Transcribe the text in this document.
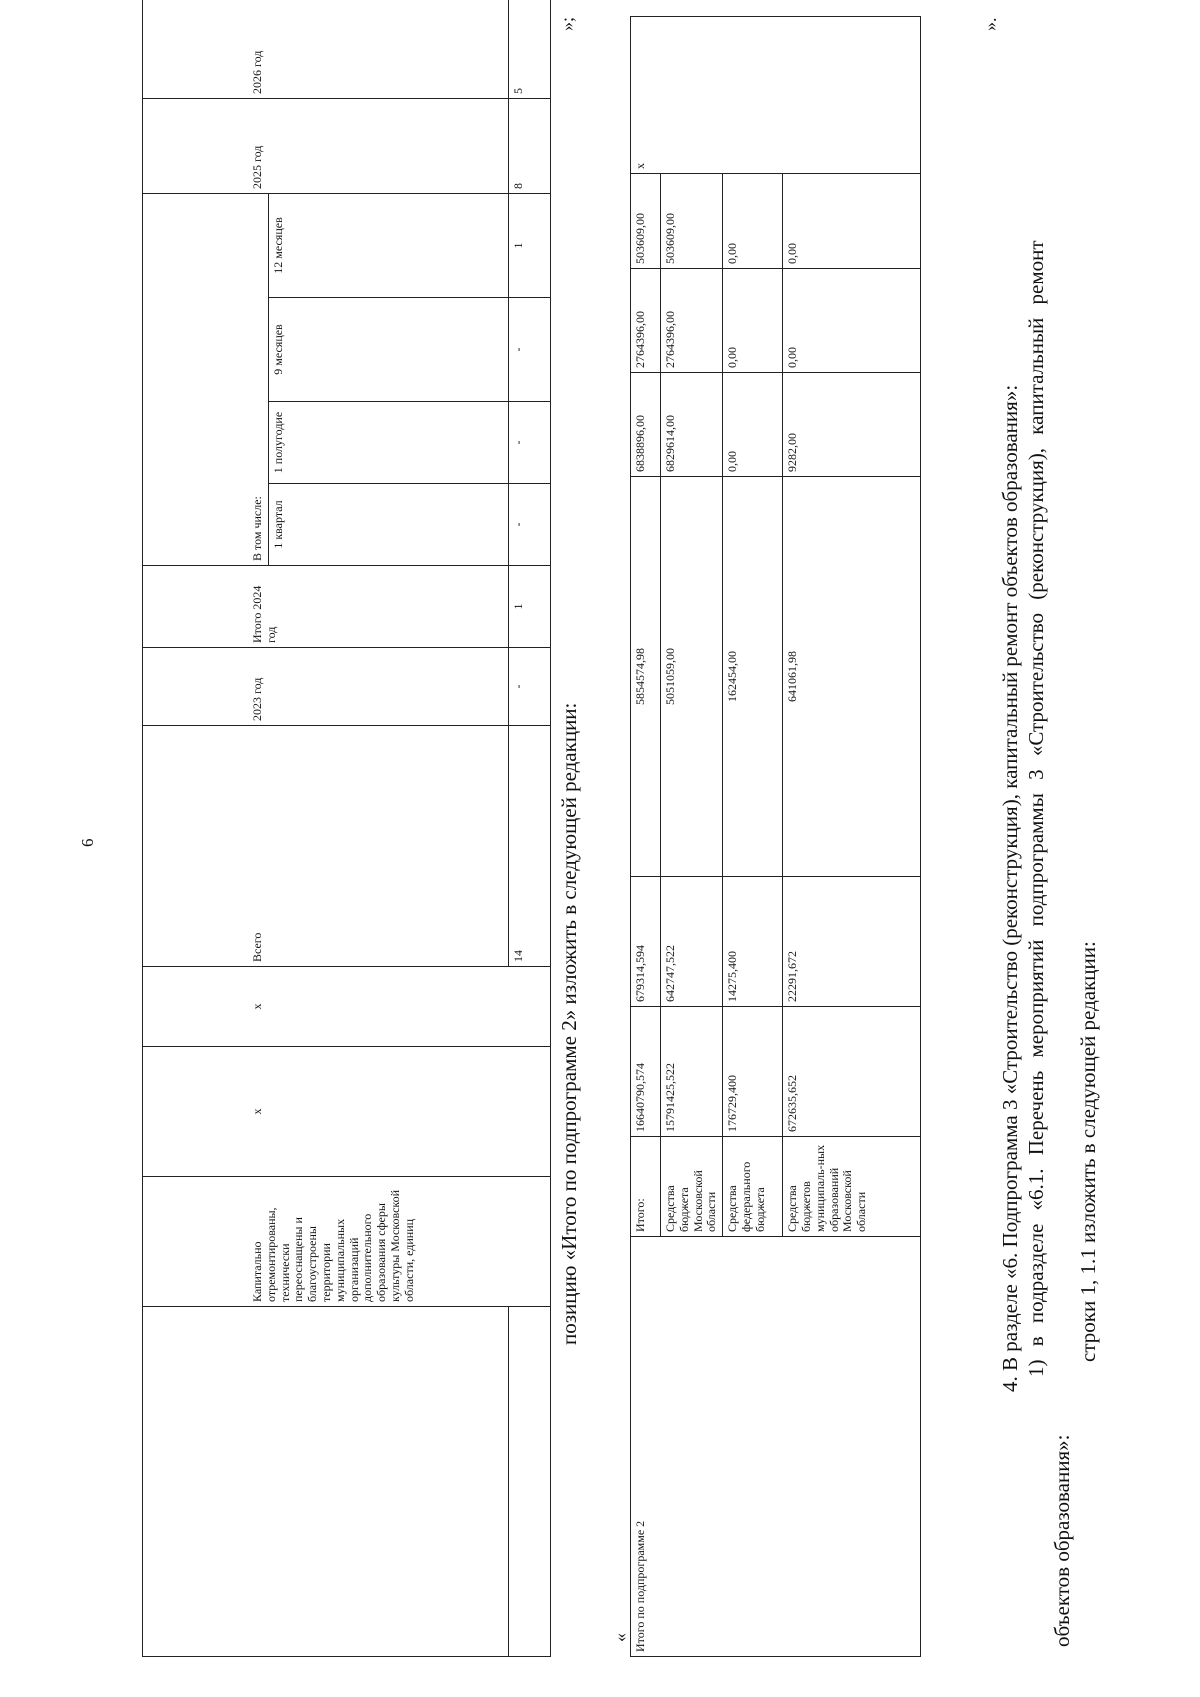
6
	Капитально отремонтированы, технически переоснащены и благоустроены территории муниципальных организаций дополнительного образования сферы культуры Московской области, единиц	х	х	Всего	2023 год	Итого 2024 год	В том числе:				2025 год	2026 год		

							1 квартал	1 полугодие	9 месяцев	12 месяцев			
				14	-	1	-	-	-	1	8	5	
»;
позицию «Итого по подпрограмме 2» изложить в следующей редакции:
« Итого по подпрограмме 2	Итого:	16640790,574	679314,594	5854574,98	6838896,00	2764396,00	503609,00	х
	Средства бюджета Московской области	15791425,522	642747,522	5051059,00	6829614,00	2764396,00	503609,00	
	Средства федерального бюджета	176729,400	14275,400	162454,00	0,00	0,00	0,00	
	Средства бюджетов муниципаль-ных образований Московской области	672635,652	22291,672	641061,98	9282,00	0,00	0,00	
».
4. В разделе «6. Подпрограмма 3 «Строительство (реконструкция), капитальный ремонт объектов образования»: 1) в подразделе «6.1. Перечень мероприятий подпрограммы 3 «Строительство (реконструкция), капитальный ремонт
объектов образования»:
строки 1, 1.1 изложить в следующей редакции:
